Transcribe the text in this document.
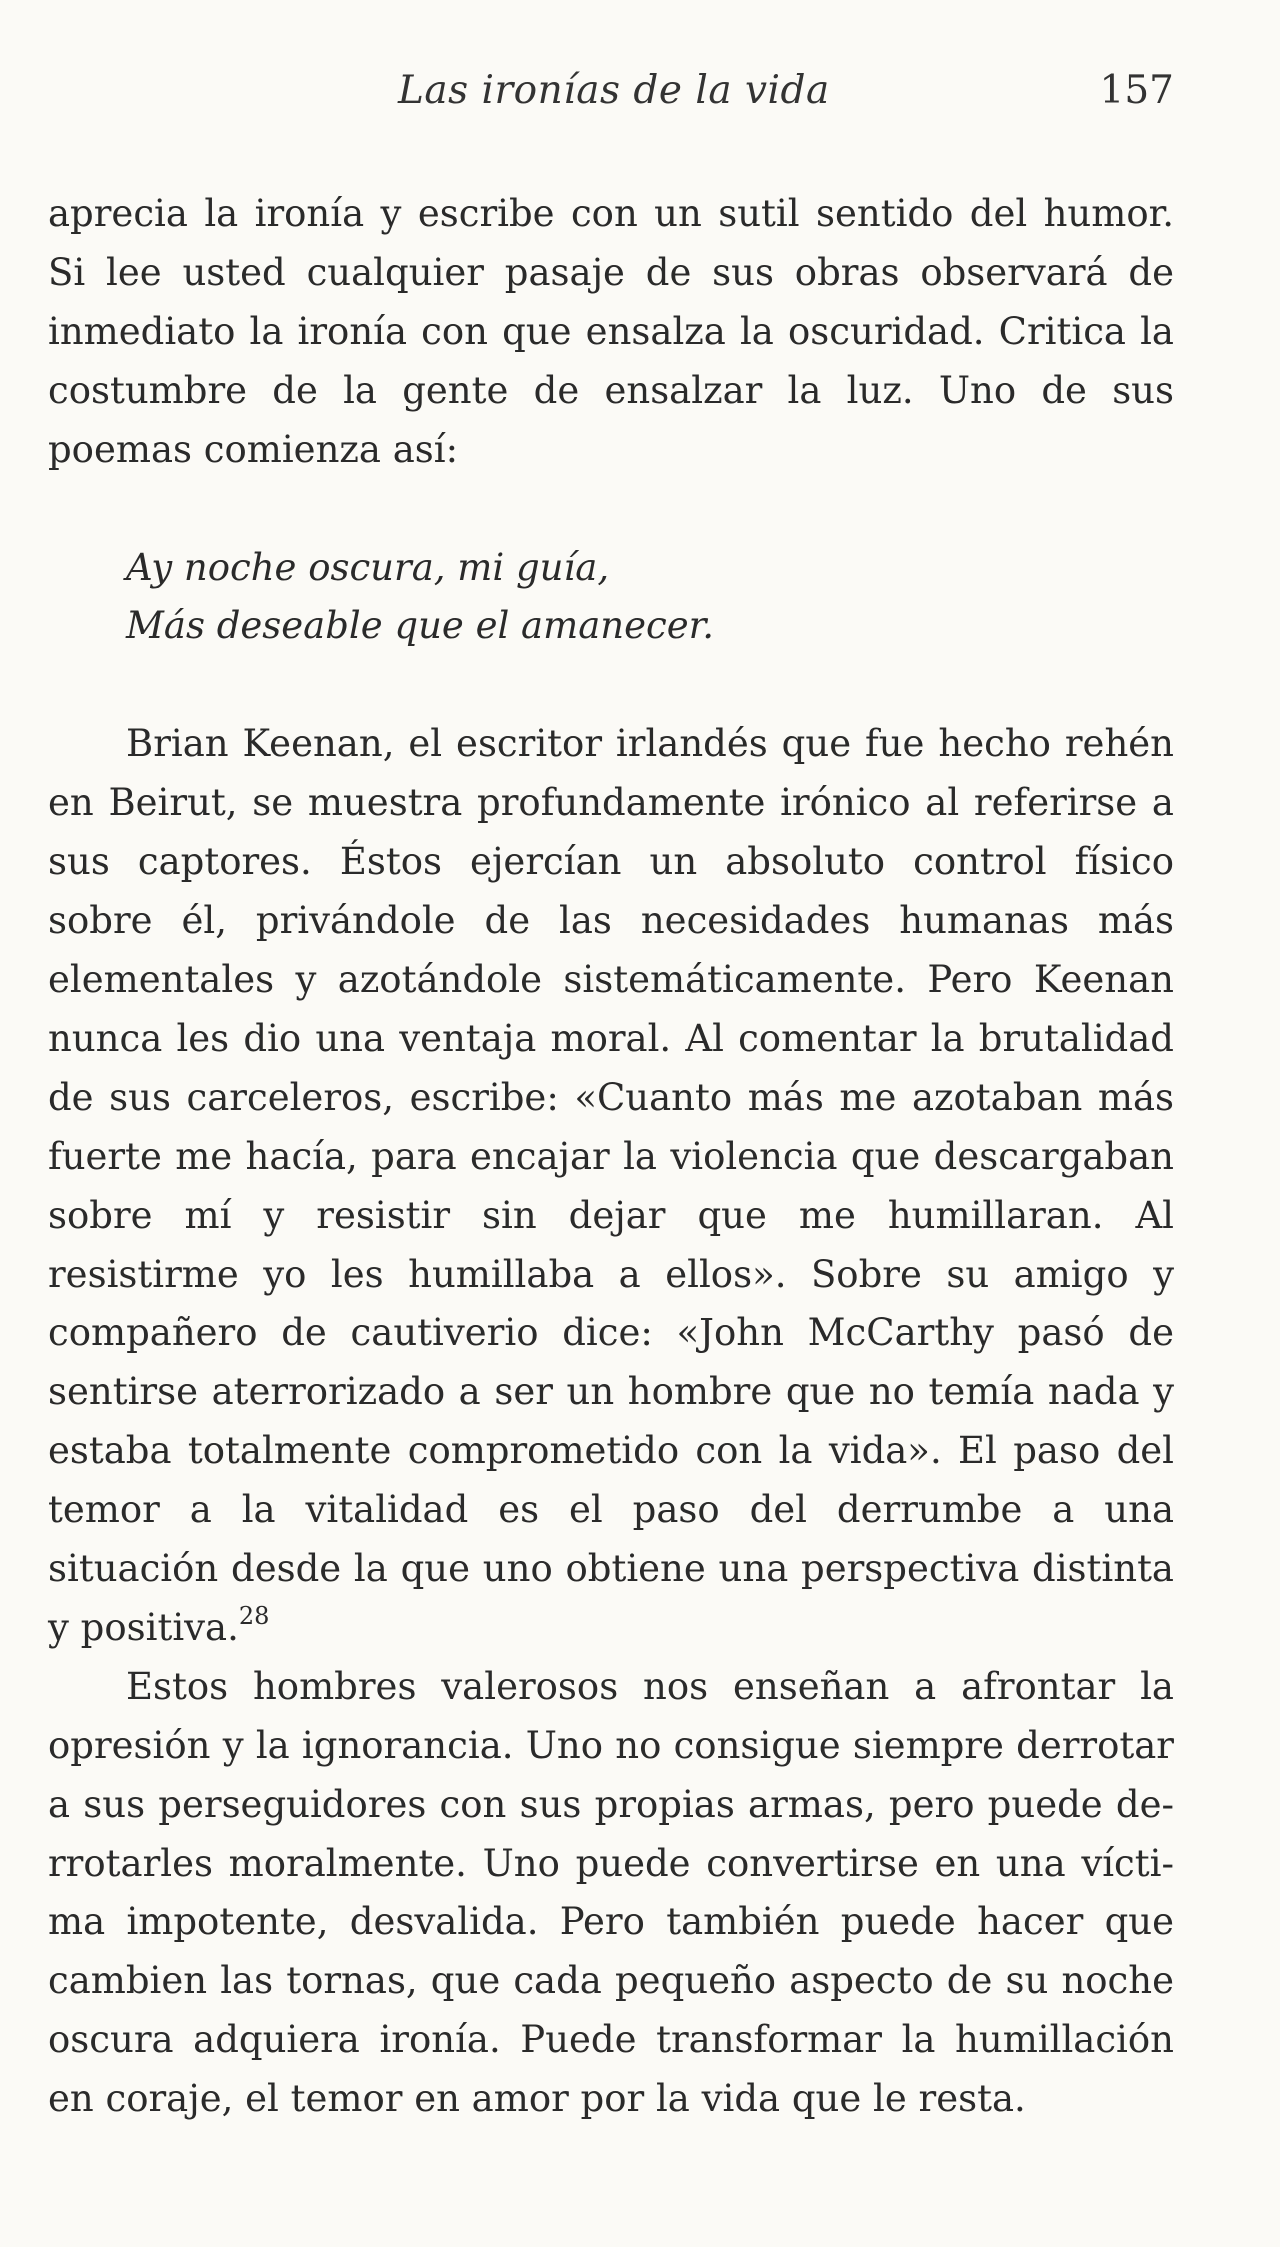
Las ironías de la vida	157

aprecia la ironía y escribe con un sutil sentido del humor. Si lee usted cualquier pasaje de sus obras observará de inmediato la ironía con que ensalza la oscuridad. Critica la costumbre de la gente de ensalzar la luz. Uno de sus poemas comienza así:

Ay noche oscura, mi guía,
Más deseable que el amanecer.

Brian Keenan, el escritor irlandés que fue hecho rehén en Beirut, se muestra profundamente irónico al referirse a sus captores. Éstos ejercían un absoluto control físico sobre él, privándole de las necesidades humanas más elementales y azotándole sistemáticamente. Pero Keenan nunca les dio una ventaja moral. Al comentar la brutalidad de sus carceleros, escribe: «Cuanto más me azotaban más fuerte me hacía, para encajar la violencia que descargaban sobre mí y resistir sin dejar que me humillaran. Al resistirme yo les humillaba a ellos». Sobre su amigo y compañero de cautiverio dice: «John McCarthy pasó de sentirse aterrorizado a ser un hombre que no temía nada y estaba totalmente comprometido con la vida». El paso del temor a la vitalidad es el paso del derrumbe a una situación desde la que uno obtiene una perspectiva distinta y positiva.$^{28}$

Estos hombres valerosos nos enseñan a afrontar la opresión y la ignorancia. Uno no consigue siempre derrotar a sus perseguidores con sus propias armas, pero puede derrotarles moralmente. Uno puede convertirse en una víctima impotente, desvalida. Pero también puede hacer que cambien las tornas, que cada pequeño aspecto de su noche oscura adquiera ironía. Puede transformar la humillación en coraje, el temor en amor por la vida que le resta.
